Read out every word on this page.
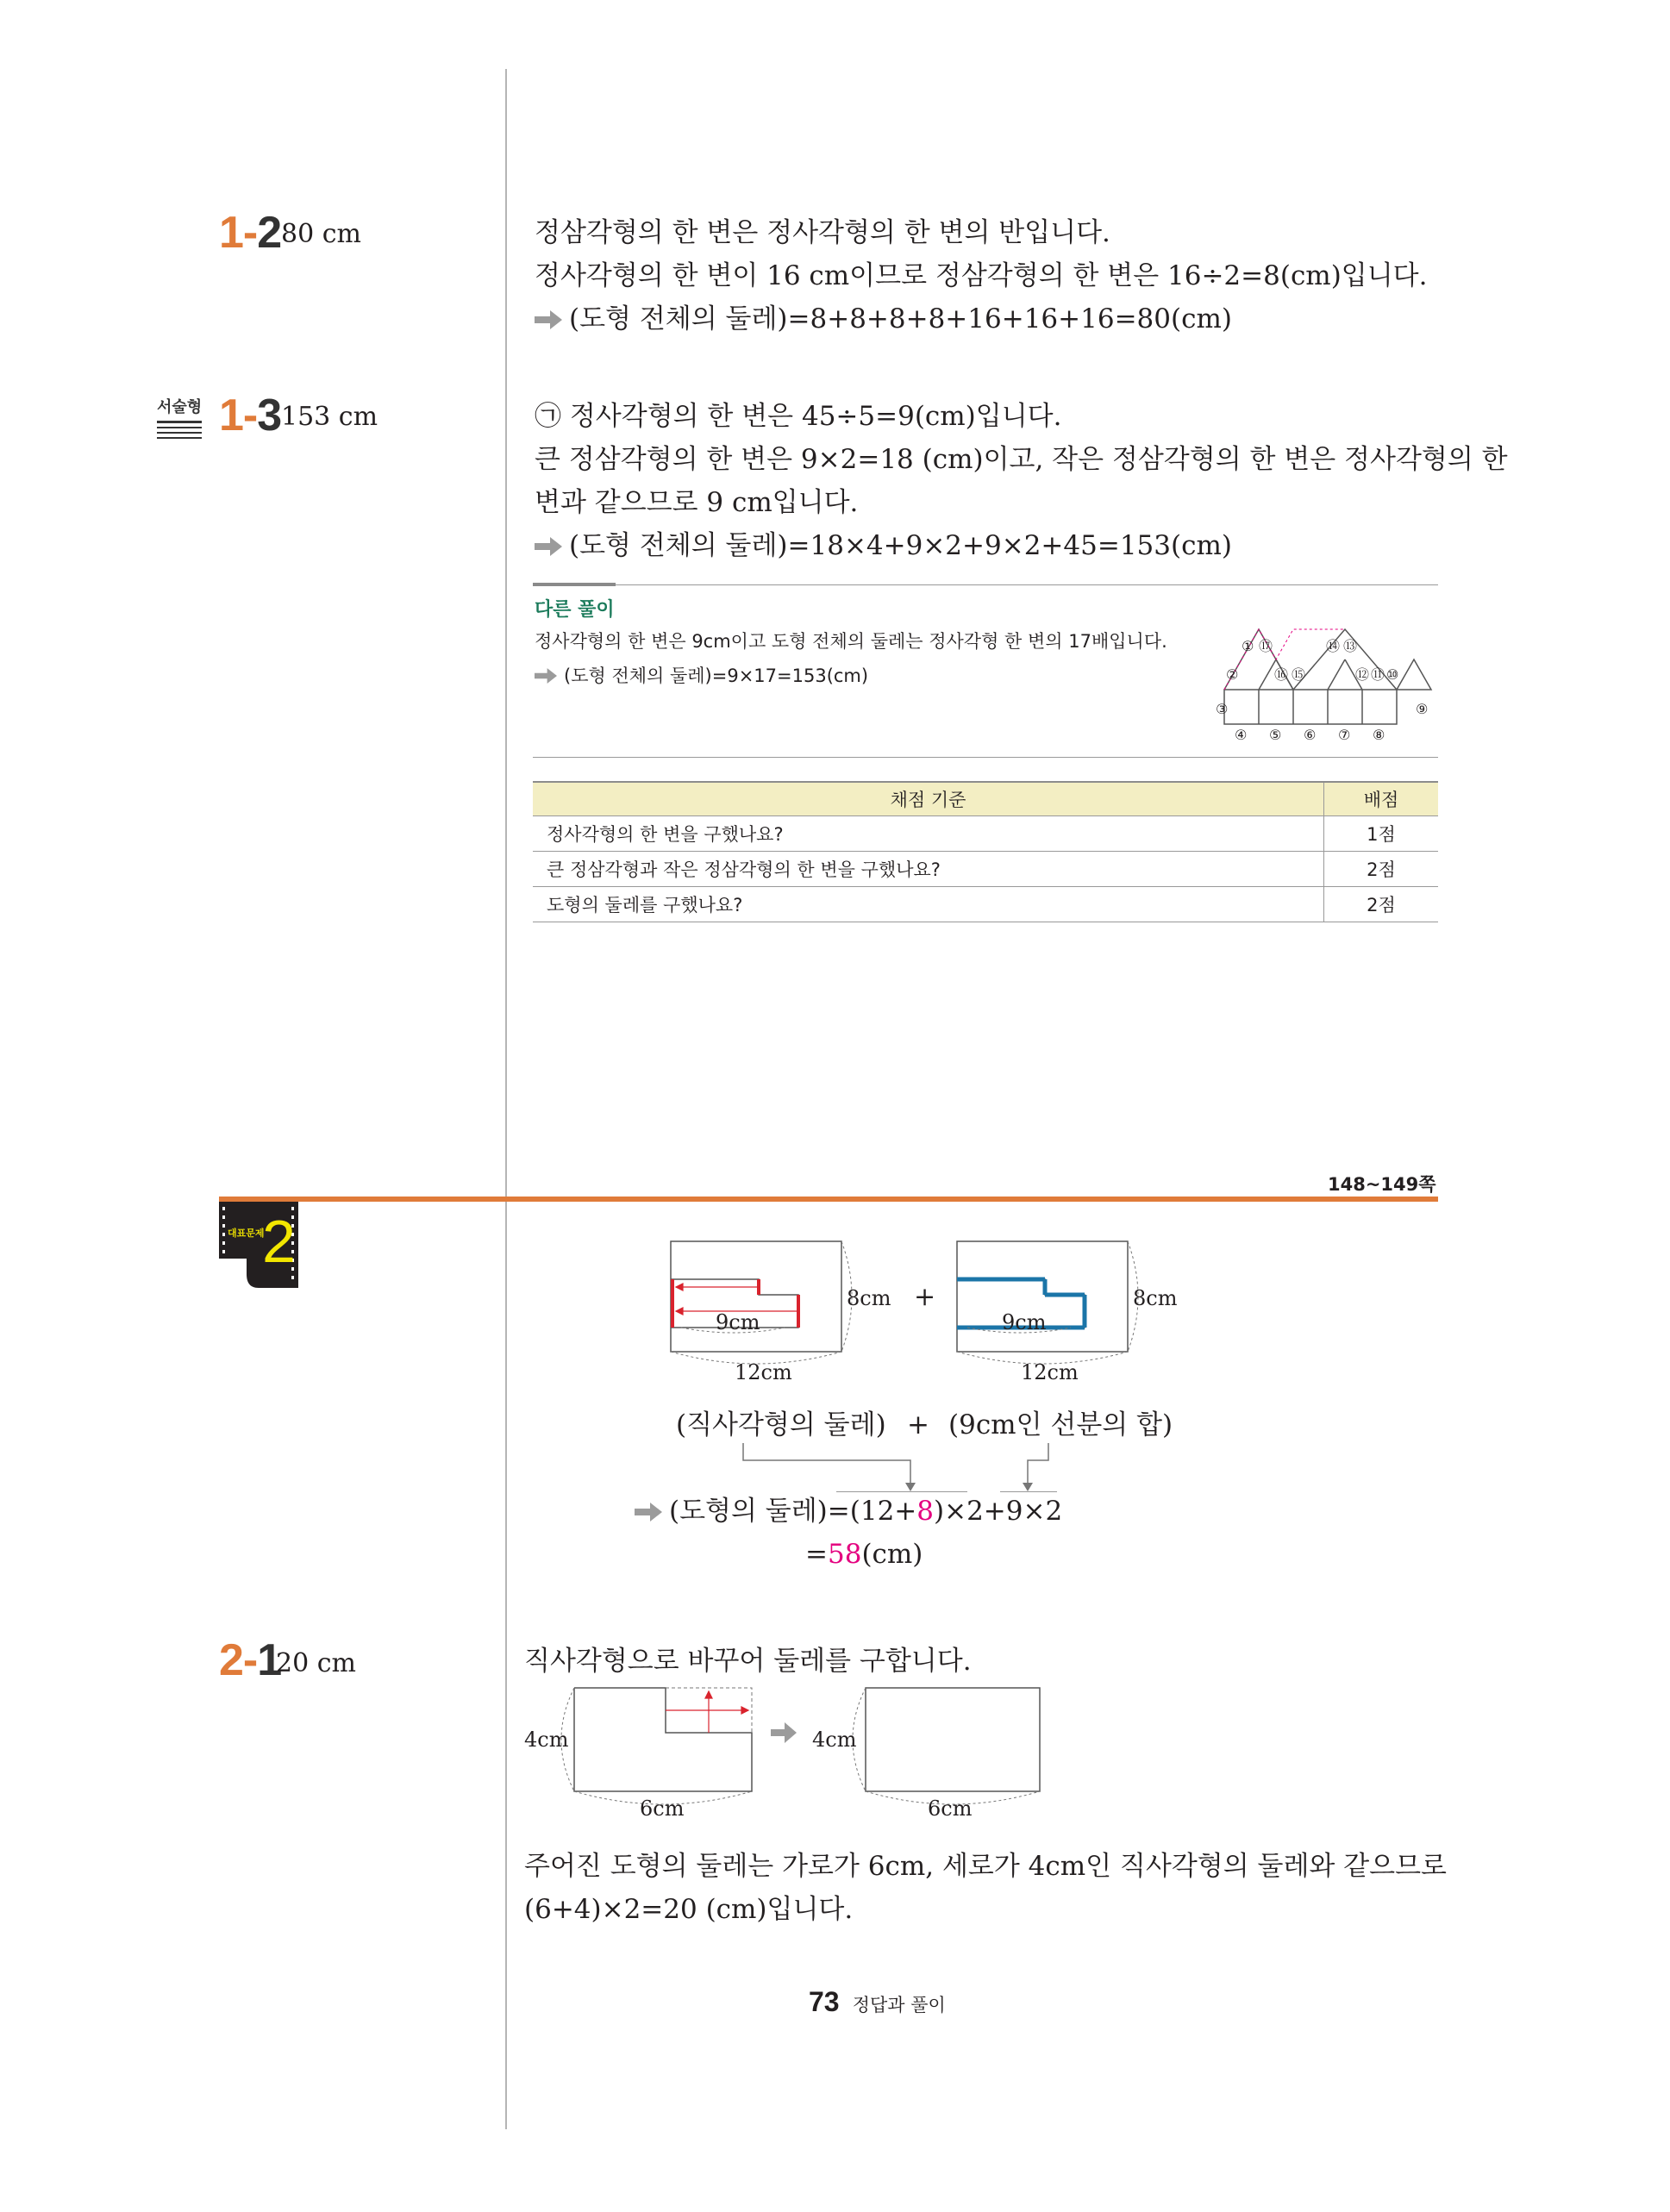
1-2 80 cm	정삼각형의 한 변은 정사각형의 한 변의 반입니다.
정사각형의 한 변이 16 cm이므로 정삼각형의 한 변은 16÷2=8(cm)입니다.
(도형 전체의 둘레)=8+8+8+8+16+16+16=80(cm)
서술형 1-3 153 cm	㉠ 정사각형의 한 변은 45÷5=9(cm)입니다.
큰 정삼각형의 한 변은 9×2=18 (cm)이고, 작은 정삼각형의 한 변은 정사각형의 한
변과 같으므로 9 cm입니다.
(도형 전체의 둘레)=18×4+9×2+9×2+45=153(cm)
다른 풀이
정사각형의 한 변은 9cm이고 도형 전체의 둘레는 정사각형 한 변의 17배입니다.
(도형 전체의 둘레)=9×17=153(cm)
① ⑰
②	⑯ ⑮
⑭ ⑬
⑫ ⑪ ⑩
③
④ ⑤ ⑥ ⑦ ⑧
⑨
채점 기준	배점
정사각형의 한 변을 구했나요?	1점
큰 정삼각형과 작은 정삼각형의 한 변을 구했나요?	2점
도형의 둘레를 구했나요?	2점
148~149쪽
대표문제
2
9cm
8cm
12cm
+
9cm
8cm
12cm
(직사각형의 둘레) + (9cm인 선분의 합)
(도형의 둘레)=(12+8)×2+9×2
=58(cm)
2-1
20 cm	직사각형으로 바꾸어 둘레를 구합니다.
4cm
6cm
4cm
6cm
주어진 도형의 둘레는 가로가 6cm, 세로가 4cm인 직사각형의 둘레와 같으므로
(6+4)×2=20 (cm)입니다.
73 정답과 풀이
